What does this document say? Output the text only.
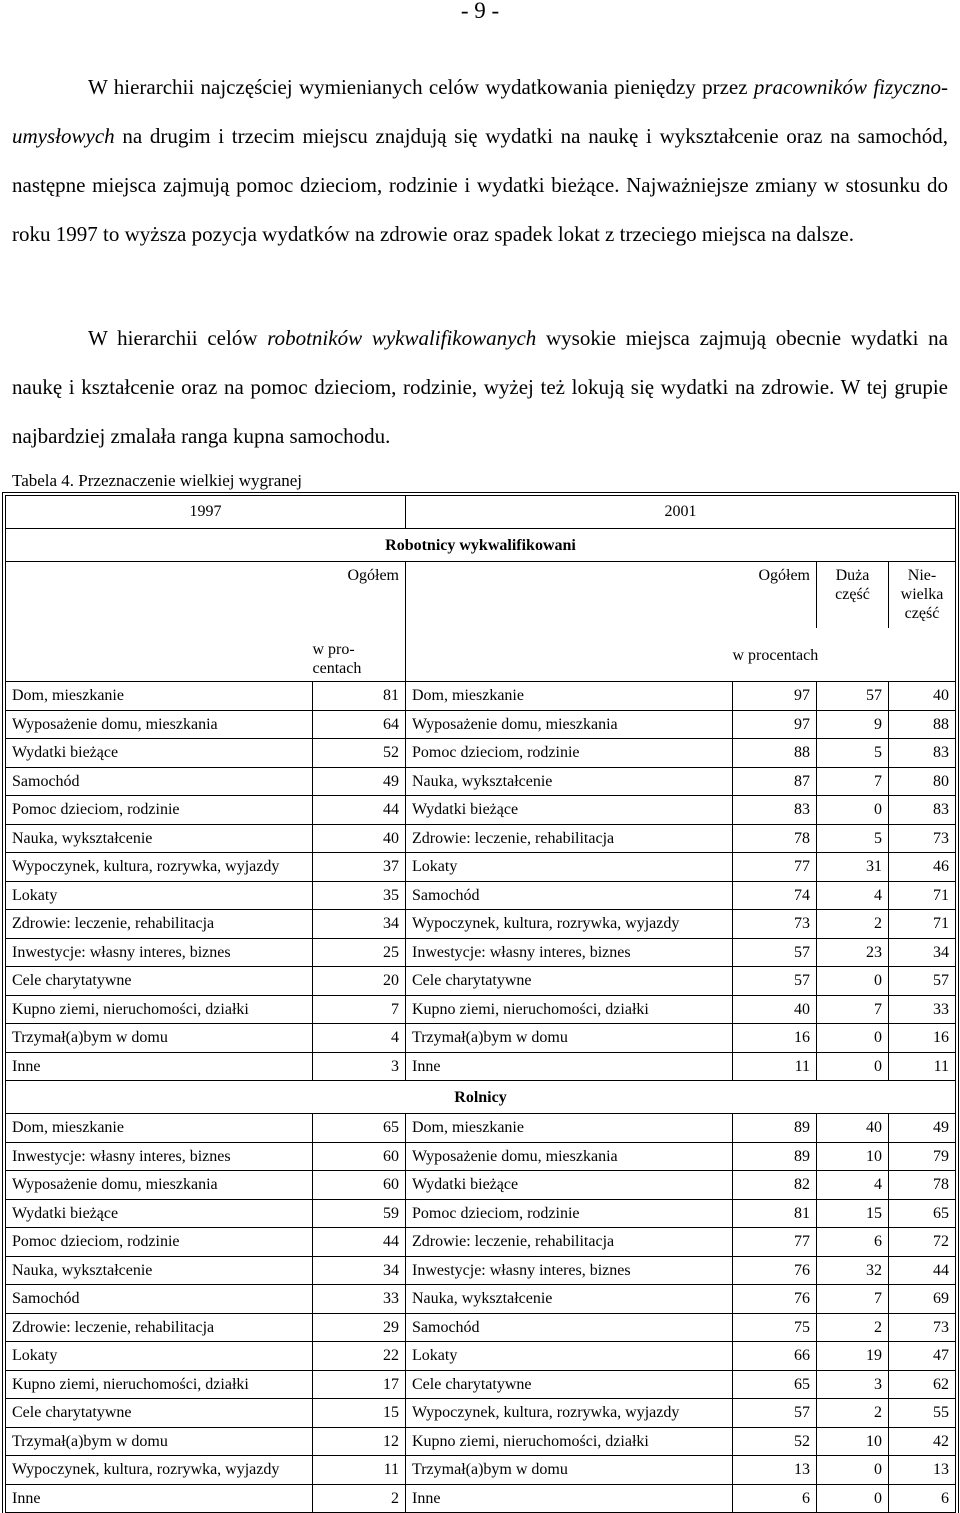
- 9 -

W hierarchii najczęściej wymienianych celów wydatkowania pieniędzy przez pracowników fizyczno-umysłowych na drugim i trzecim miejscu znajdują się wydatki na naukę i wykształcenie oraz na samochód, następne miejsca zajmują pomoc dzieciom, rodzinie i wydatki bieżące. Najważniejsze zmiany w stosunku do roku 1997 to wyższa pozycja wydatków na zdrowie oraz spadek lokat z trzeciego miejsca na dalsze.

W hierarchii celów robotników wykwalifikowanych wysokie miejsca zajmują obecnie wydatki na naukę i kształcenie oraz na pomoc dzieciom, rodzinie, wyżej też lokują się wydatki na zdrowie. W tej grupie najbardziej zmalała ranga kupna samochodu.

Tabela 4. Przeznaczenie wielkiej wygranej
1997		2001			
Robotnicy wykwalifikowani					
	Ogółem		Ogółem	Duża część	Nie- wielka część
	w pro- centach		w procentach		
Dom, mieszkanie	81	Dom, mieszkanie	97	57	40
Wyposażenie domu, mieszkania	64	Wyposażenie domu, mieszkania	97	9	88
Wydatki bieżące	52	Pomoc dzieciom, rodzinie	88	5	83
Samochód	49	Nauka, wykształcenie	87	7	80
Pomoc dzieciom, rodzinie	44	Wydatki bieżące	83	0	83
Nauka, wykształcenie	40	Zdrowie: leczenie, rehabilitacja	78	5	73
Wypoczynek, kultura, rozrywka, wyjazdy	37	Lokaty	77	31	46
Lokaty	35	Samochód	74	4	71
Zdrowie: leczenie, rehabilitacja	34	Wypoczynek, kultura, rozrywka, wyjazdy	73	2	71
Inwestycje: własny interes, biznes	25	Inwestycje: własny interes, biznes	57	23	34
Cele charytatywne	20	Cele charytatywne	57	0	57
Kupno ziemi, nieruchomości, działki	7	Kupno ziemi, nieruchomości, działki	40	7	33
Trzymał(a)bym w domu	4	Trzymał(a)bym w domu	16	0	16
Inne	3	Inne	11	0	11
Rolnicy					
Dom, mieszkanie	65	Dom, mieszkanie	89	40	49
Inwestycje: własny interes, biznes	60	Wyposażenie domu, mieszkania	89	10	79
Wyposażenie domu, mieszkania	60	Wydatki bieżące	82	4	78
Wydatki bieżące	59	Pomoc dzieciom, rodzinie	81	15	65
Pomoc dzieciom, rodzinie	44	Zdrowie: leczenie, rehabilitacja	77	6	72
Nauka, wykształcenie	34	Inwestycje: własny interes, biznes	76	32	44
Samochód	33	Nauka, wykształcenie	76	7	69
Zdrowie: leczenie, rehabilitacja	29	Samochód	75	2	73
Lokaty	22	Lokaty	66	19	47
Kupno ziemi, nieruchomości, działki	17	Cele charytatywne	65	3	62
Cele charytatywne	15	Wypoczynek, kultura, rozrywka, wyjazdy	57	2	55
Trzymał(a)bym w domu	12	Kupno ziemi, nieruchomości, działki	52	10	42
Wypoczynek, kultura, rozrywka, wyjazdy	11	Trzymał(a)bym w domu	13	0	13
Inne	2	Inne	6	0	6
